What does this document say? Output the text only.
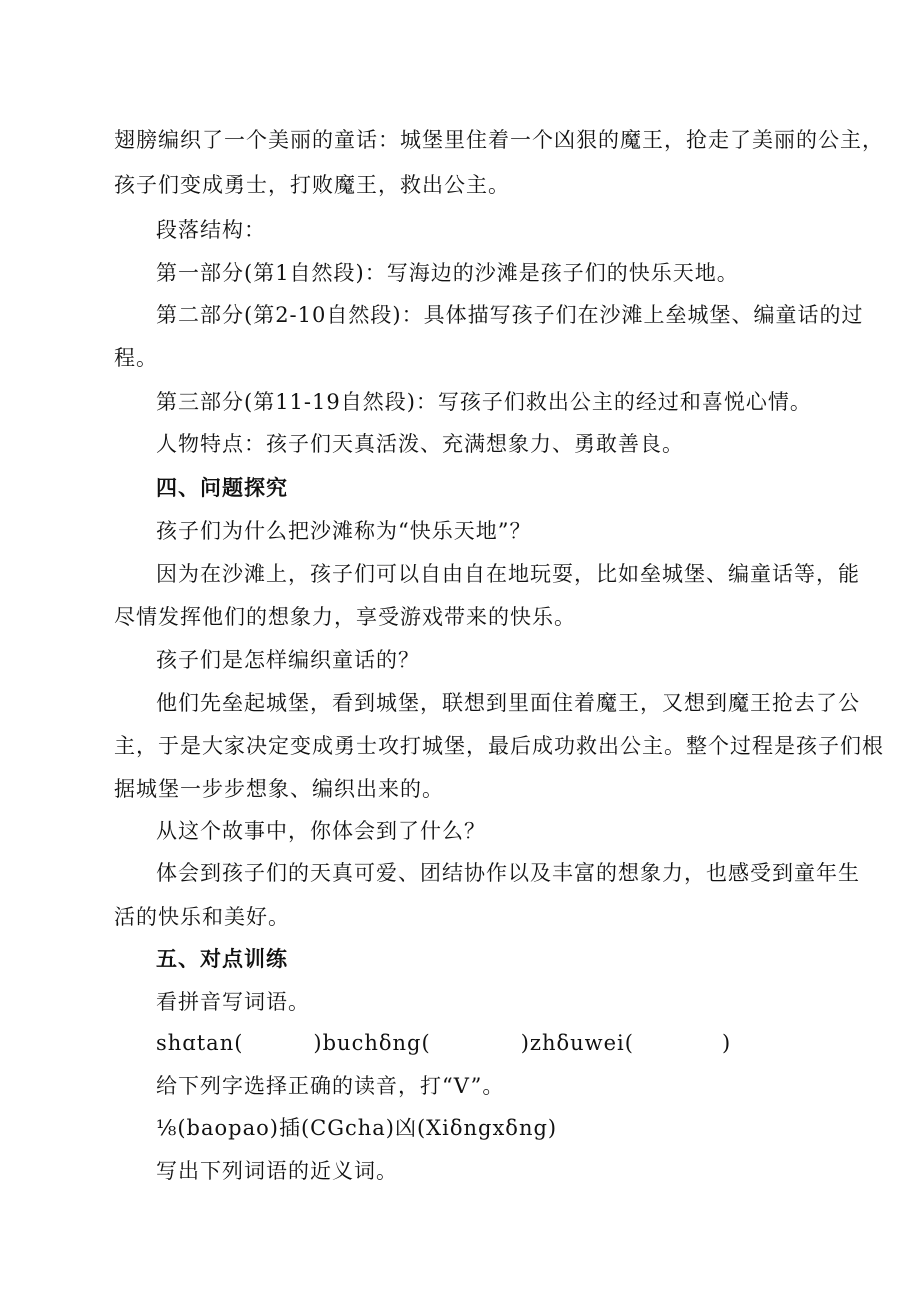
翅膀编织了一个美丽的童话：城堡里住着一个凶狠的魔王，抢走了美丽的公主，
孩子们变成勇士，打败魔王，救出公主。
段落结构：
第一部分(第1自然段)：写海边的沙滩是孩子们的快乐天地。
第二部分(第2-10自然段)：具体描写孩子们在沙滩上垒城堡、编童话的过
程。
第三部分(第11-19自然段)：写孩子们救出公主的经过和喜悦心情。
人物特点：孩子们天真活泼、充满想象力、勇敢善良。
四、问题探究
孩子们为什么把沙滩称为“快乐天地”？
因为在沙滩上，孩子们可以自由自在地玩耍，比如垒城堡、编童话等，能
尽情发挥他们的想象力，享受游戏带来的快乐。
孩子们是怎样编织童话的？
他们先垒起城堡，看到城堡，联想到里面住着魔王，又想到魔王抢去了公
主，于是大家决定变成勇士攻打城堡，最后成功救出公主。整个过程是孩子们根
据城堡一步步想象、编织出来的。
从这个故事中，你体会到了什么？
体会到孩子们的天真可爱、团结协作以及丰富的想象力，也感受到童年生
活的快乐和美好。
五、对点训练
看拼音写词语。
shɑtan(	)buchδng(	)zhδuwei(	)
给下列字选择正确的读音，打“V”。
⅛(baopao)插(CGcha)凶(Xiδngxδng)
写出下列词语的近义词。
